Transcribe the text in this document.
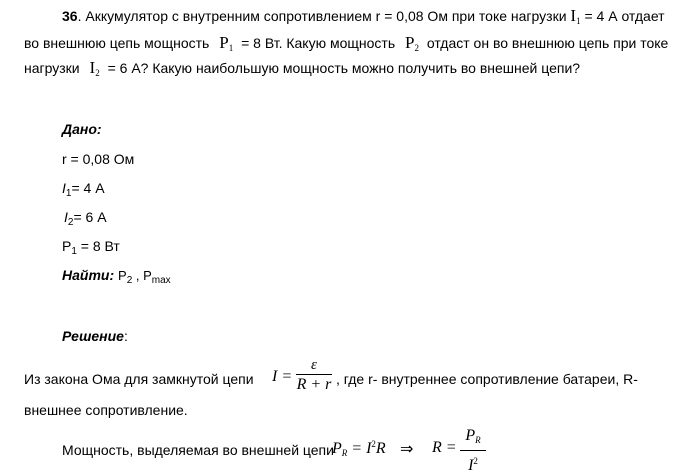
36. Аккумулятор с внутренним сопротивлением r = 0,08 Ом при токе нагрузки $I_1 = 4$ А отдает
во внешнюю цепь мощность $P_1 = 8$ Вт. Какую мощность $P_2$ отдаст он во внешнюю цепь при токе
нагрузки $I_2 = 6$ А? Какую наибольшую мощность можно получить во внешней цепи?
Дано:
r = 0,08 Ом
$I_1= 4$ А
$I_2= 6$ А
$P_1 = 8$ Вт
Найти: $P_2$ , $P_{max}$
Решение:
Из закона Ома для замкнутой цепи $I = \frac{\varepsilon}{R + r}$ , где r- внутреннее сопротивление батареи, R-
внешнее сопротивление.
Мощность, выделяемая во внешней цепи
$P_R = I^2R$ ⇒ $R = \frac{P_R}{I^2}$
